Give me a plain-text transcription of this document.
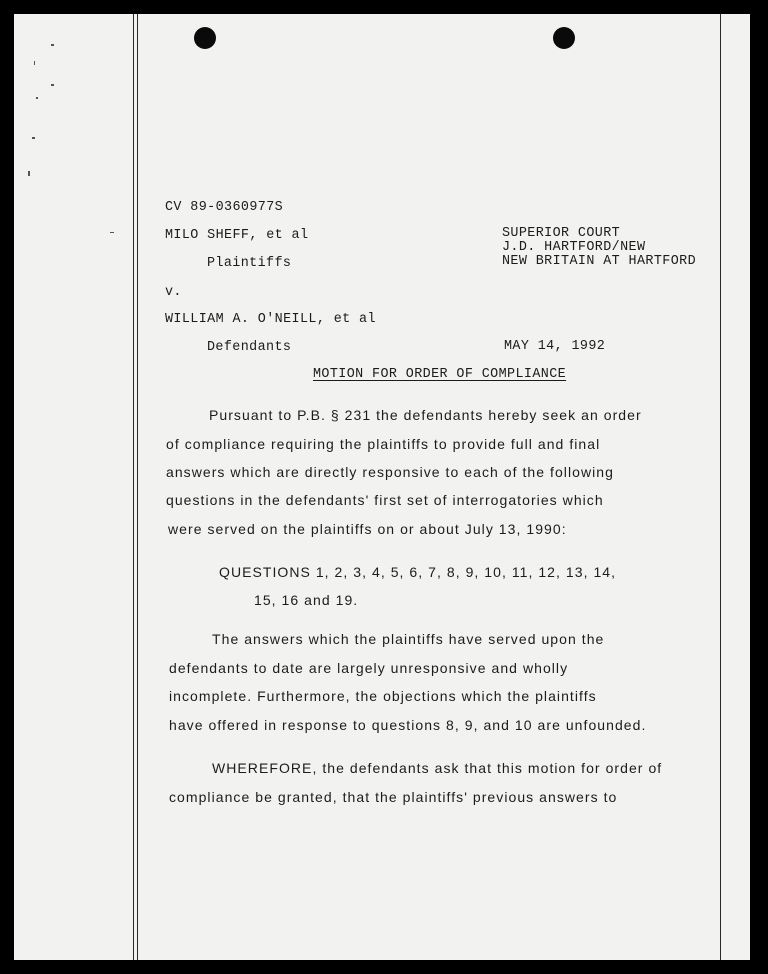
CV 89-0360977S
MILO SHEFF, et al
Plaintiffs
v.
WILLIAM A. O'NEILL, et al
Defendants
SUPERIOR COURT
J.D. HARTFORD/NEW
NEW BRITAIN AT HARTFORD
MAY 14, 1992
MOTION FOR ORDER OF COMPLIANCE
Pursuant to P.B. § 231 the defendants hereby seek an order
of compliance requiring the plaintiffs to provide full and final
answers which are directly responsive to each of the following
questions in the defendants' first set of interrogatories which
were served on the plaintiffs on or about July 13, 1990:
QUESTIONS 1, 2, 3, 4, 5, 6, 7, 8, 9, 10, 11, 12, 13, 14,
15, 16 and 19.
The answers which the plaintiffs have served upon the
defendants to date are largely unresponsive and wholly
incomplete. Furthermore, the objections which the plaintiffs
have offered in response to questions 8, 9, and 10 are unfounded.
WHEREFORE, the defendants ask that this motion for order of
compliance be granted, that the plaintiffs' previous answers to
